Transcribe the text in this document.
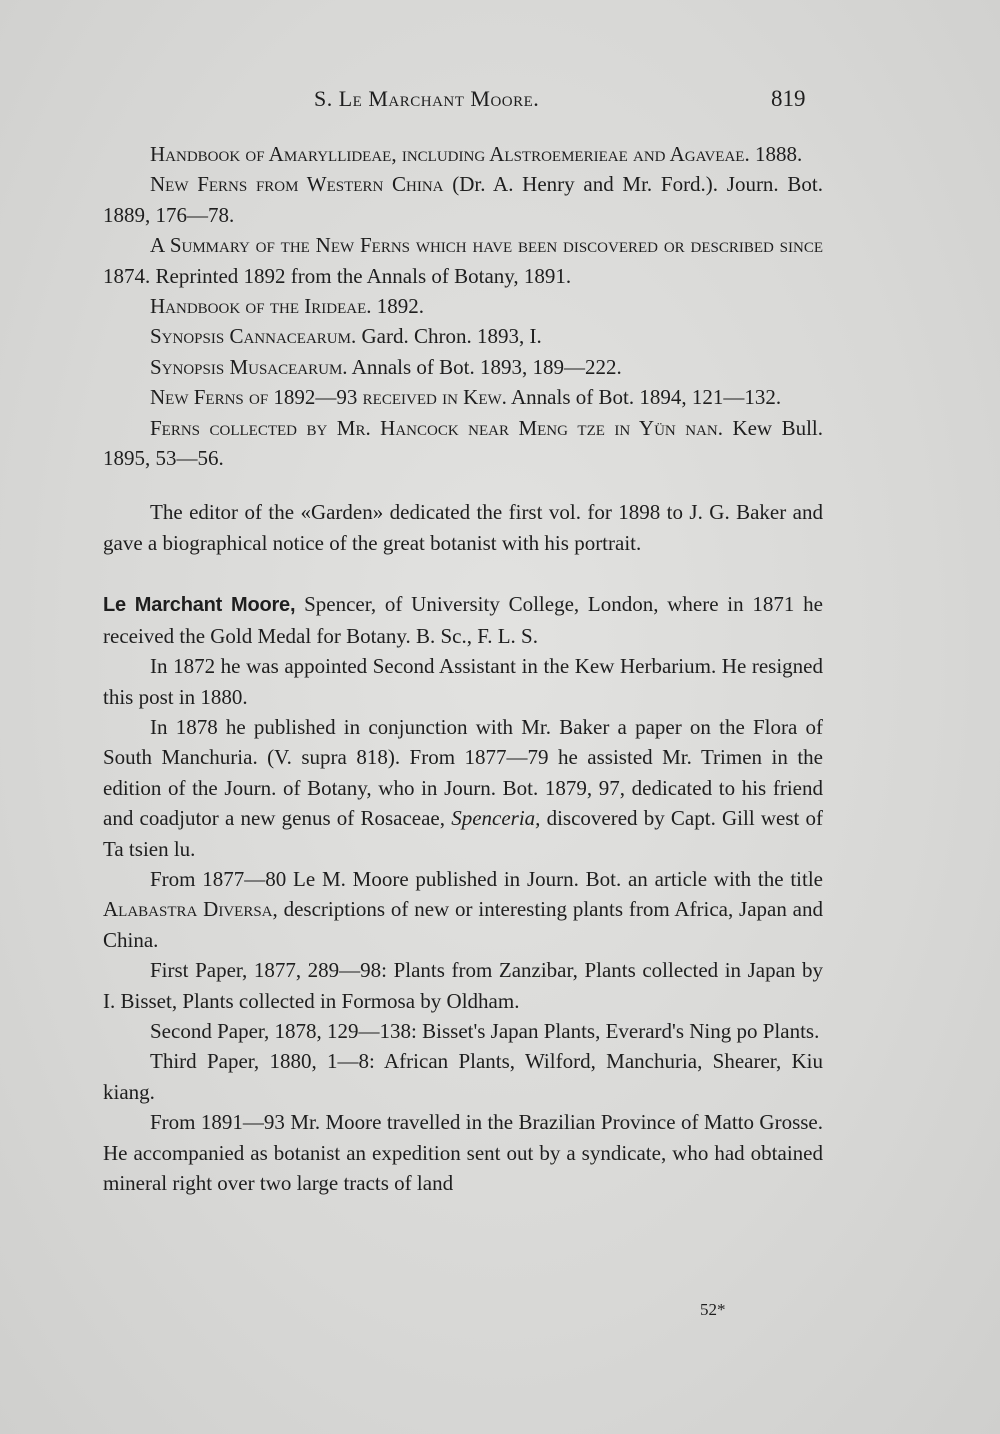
S. Le Marchant Moore.	819

Handbook of Amaryllideae, including Alstroemerieae and Agaveae. 1888.

New Ferns from Western China (Dr. A. Henry and Mr. Ford.). Journ. Bot. 1889, 176—78.

A Summary of the New Ferns which have been discovered or described since 1874. Reprinted 1892 from the Annals of Botany, 1891.

Handbook of the Irideae. 1892.

Synopsis Cannacearum. Gard. Chron. 1893, I.

Synopsis Musacearum. Annals of Bot. 1893, 189—222.

New Ferns of 1892—93 received in Kew. Annals of Bot. 1894, 121—132.

Ferns collected by Mr. Hancock near Meng tze in Yün nan. Kew Bull. 1895, 53—56.

The editor of the «Garden» dedicated the first vol. for 1898 to J. G. Baker and gave a biographical notice of the great botanist with his portrait.

Le Marchant Moore, Spencer, of University College, London, where in 1871 he received the Gold Medal for Botany. B. Sc., F. L. S.

In 1872 he was appointed Second Assistant in the Kew Herbarium. He resigned this post in 1880.

In 1878 he published in conjunction with Mr. Baker a paper on the Flora of South Manchuria. (V. supra 818). From 1877—79 he assisted Mr. Trimen in the edition of the Journ. of Botany, who in Journ. Bot. 1879, 97, dedicated to his friend and coadjutor a new genus of Rosaceae, Spenceria, discovered by Capt. Gill west of Ta tsien lu.

From 1877—80 Le M. Moore published in Journ. Bot. an article with the title Alabastra Diversa, descriptions of new or interesting plants from Africa, Japan and China.

First Paper, 1877, 289—98: Plants from Zanzibar, Plants collected in Japan by I. Bisset, Plants collected in Formosa by Oldham.

Second Paper, 1878, 129—138: Bisset's Japan Plants, Everard's Ning po Plants.

Third Paper, 1880, 1—8: African Plants, Wilford, Manchuria, Shearer, Kiu kiang.

From 1891—93 Mr. Moore travelled in the Brazilian Province of Matto Grosse. He accompanied as botanist an expedition sent out by a syndicate, who had obtained mineral right over two large tracts of land

52*
